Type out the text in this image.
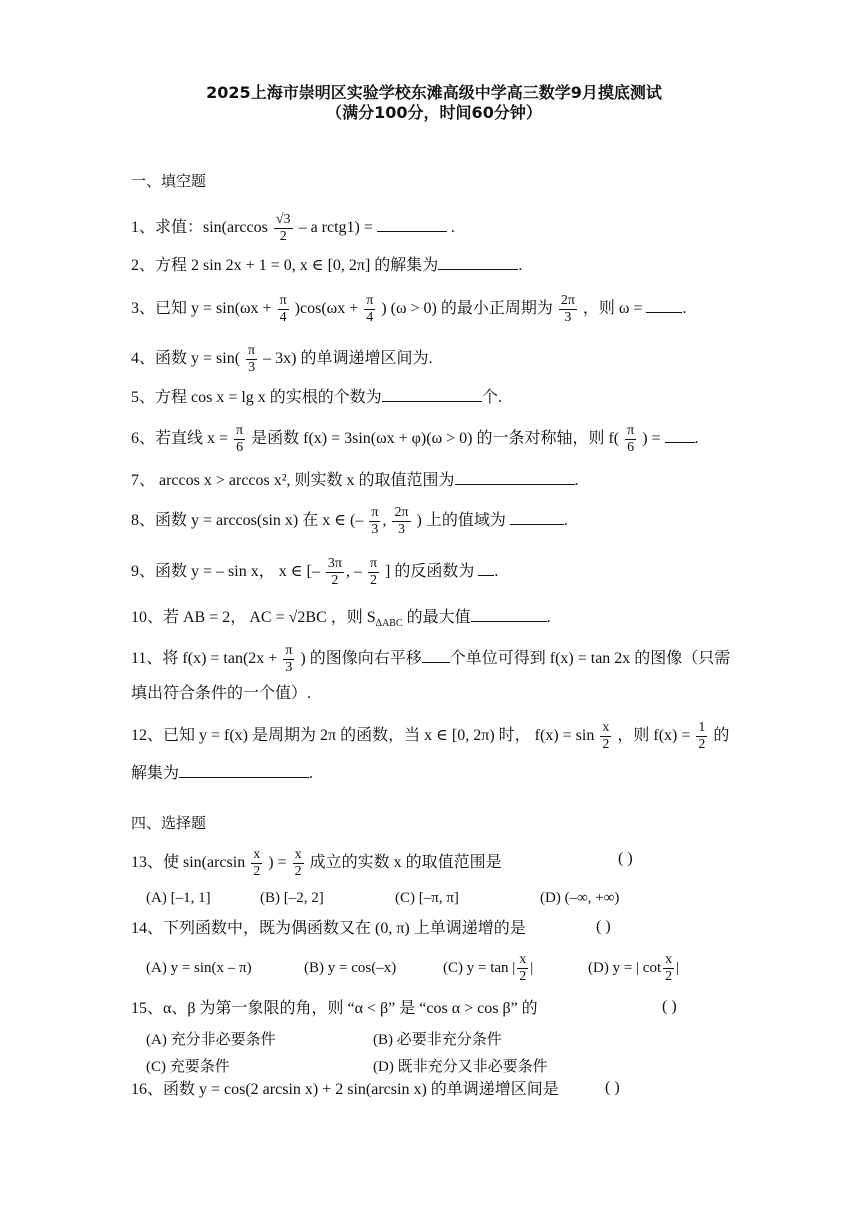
2025上海市崇明区实验学校东滩高级中学高三数学9月摸底测试
（满分100分，时间60分钟）
一、填空题
1、求值：$\sin(\arccos \frac{√3}{2}$ – a rctg1) =	.
2、方程 2 sin 2x + 1 = 0, x ∈ [0, 2π] 的解集为	.
3、已知 $y = \sin(\omega x + \frac{\pi}{4} )\cos(\omega x + \frac{\pi}{4}$ ) (ω > 0) 的最小正周期为 $\frac{2\pi}{3}$ ，则 ω =	.
4、函数 $y = \sin( \frac{\pi}{3} - 3x)$ 的单调递增区间为.
5、方程 cos x = lg x 的实根的个数为	个.
6、若直线 $x = \frac{\pi}{6}$ 是函数 f(x) = 3sin(ωx + φ)(ω > 0) 的一条对称轴，则 $f( \frac{\pi}{6}$ ) = .
7、 arccos x > arccos x², 则实数 x 的取值范围为	.
8、函数 y = arccos(sin x) 在 x ∈ (– $\frac{\pi}{3}$ , $\frac{2\pi}{3}$ ) 上的值域为	.
9、函数 y = – sin x， x ∈ [– $\frac{3\pi}{2}$ , – $\frac{\pi}{2}$ ] 的反函数为 .
10、若 AB = 2， AC = √2BC ，则 $S_{\Delta ABC}$ 的最大值	.
11、将 $f(x) = \tan(2x + \frac{\pi}{3}$ ) 的图像向右平移 个单位可得到 f(x) = tan 2x 的图像（只需
填出符合条件的一个值）.
12、已知 y = f(x) 是周期为 2π 的函数，当 x ∈ [0, 2π) 时， $f(x) = \sin \frac{x}{2}$ ，则 $f(x) = \frac{1}{2}$ 的
解集为	.
四、选择题
13、使 $\sin(\arcsin \frac{x}{2}$ ) = $\frac{x}{2}$ 成立的实数 x 的取值范围是	( )
(A) [–1, 1]	(B) [–2, 2]	(C) [–π, π]	(D) (–∞, +∞)
14、下列函数中，既为偶函数又在 (0, π) 上单调递增的是	( )
(A) y = sin(x – π)	(B) y = cos(–x)	(C) y = tan | $\frac{x}{2}$ |	(D) y = | $\cot \frac{x}{2}$ |
15、α、β 为第一象限的角，则 “α < β” 是 “cos α > cos β” 的	( )
(A) 充分非必要条件	(B) 必要非充分条件
(C) 充要条件	(D) 既非充分又非必要条件
16、函数 y = cos(2 arcsin x) + 2 sin(arcsin x) 的单调递增区间是	( )
